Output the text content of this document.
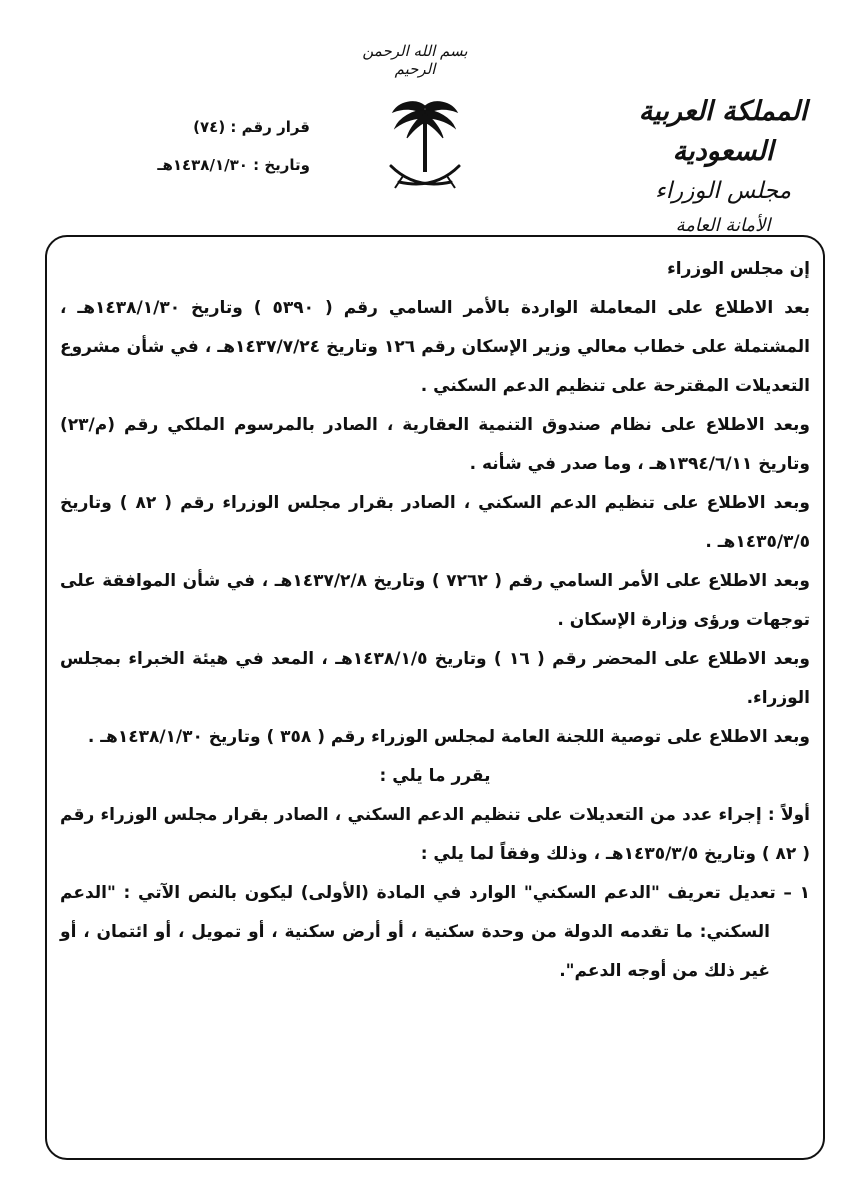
بسم الله الرحمن الرحيم
المملكة العربية السعودية
مجلس الوزراء
الأمانة العامة
قرار رقم : (٧٤)
وتاريخ : ١٤٣٨/١/٣٠هـ

إن مجلس الوزراء

بعد الاطلاع على المعاملة الواردة بالأمر السامي رقم ( ٥٣٩٠ ) وتاريخ ١٤٣٨/١/٣٠هـ ، المشتملة على خطاب معالي وزير الإسكان رقم ١٢٦ وتاريخ ١٤٣٧/٧/٢٤هـ ، في شأن مشروع التعديلات المقترحة على تنظيم الدعم السكني .

وبعد الاطلاع على نظام صندوق التنمية العقارية ، الصادر بالمرسوم الملكي رقم (م/٢٣) وتاريخ ١٣٩٤/٦/١١هـ ، وما صدر في شأنه .

وبعد الاطلاع على تنظيم الدعم السكني ، الصادر بقرار مجلس الوزراء رقم ( ٨٢ ) وتاريخ ١٤٣٥/٣/٥هـ .

وبعد الاطلاع على الأمر السامي رقم ( ٧٢٦٢ ) وتاريخ ١٤٣٧/٢/٨هـ ، في شأن الموافقة على توجهات ورؤى وزارة الإسكان .

وبعد الاطلاع على المحضر رقم ( ١٦ ) وتاريخ ١٤٣٨/١/٥هـ ، المعد في هيئة الخبراء بمجلس الوزراء.

وبعد الاطلاع على توصية اللجنة العامة لمجلس الوزراء رقم ( ٣٥٨ ) وتاريخ ١٤٣٨/١/٣٠هـ .

يقرر ما يلي :

أولاً : إجراء عدد من التعديلات على تنظيم الدعم السكني ، الصادر بقرار مجلس الوزراء رقم ( ٨٢ ) وتاريخ ١٤٣٥/٣/٥هـ ، وذلك وفقاً لما يلي :

١ – تعديل تعريف "الدعم السكني" الوارد في المادة (الأولى) ليكون بالنص الآتي : "الدعم السكني: ما تقدمه الدولة من وحدة سكنية ، أو أرض سكنية ، أو تمويل ، أو ائتمان ، أو غير ذلك من أوجه الدعم".
